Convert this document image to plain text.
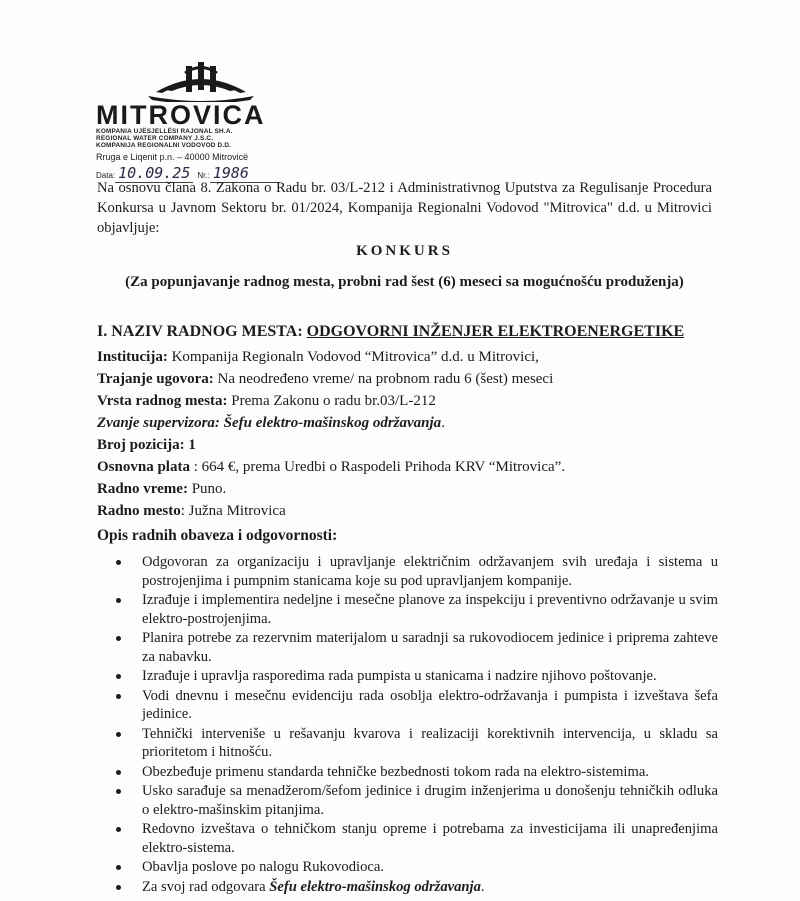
MITROVICA
KOMPANIA UJËSJELLËSI RAJONAL SH.A.
REGIONAL WATER COMPANY J.S.C.
KOMPANIJA REGIONALNI VODOVOD D.D.
Rruga e Liqenit p.n. – 40000 Mitrovicë
Data: 10.09.25 Nr.: 1986
Na osnovu člana 8. Zakona o Radu br. 03/L-212 i Administrativnog Uputstva za Regulisanje Procedura Konkursa u Javnom Sektoru br. 01/2024, Kompanija Regionalni Vodovod "Mitrovica" d.d. u Mitrovici objavljuje:
KONKURS
(Za popunjavanje radnog mesta, probni rad šest (6) meseci sa mogućnošću produženja)
I. NAZIV RADNOG MESTA: ODGOVORNI INŽENJER ELEKTROENERGETIKE
Institucija: Kompanija Regionaln Vodovod “Mitrovica” d.d. u Mitrovici,
Trajanje ugovora: Na neodređeno vreme/ na probnom radu 6 (šest) meseci
Vrsta radnog mesta: Prema Zakonu o radu br.03/L-212
Zvanje supervizora: Šefu elektro-mašinskog održavanja.
Broj pozicija: 1
Osnovna plata : 664 €, prema Uredbi o Raspodeli Prihoda KRV “Mitrovica”.
Radno vreme: Puno.
Radno mesto: Južna Mitrovica
Opis radnih obaveza i odgovornosti:
Odgovoran za organizaciju i upravljanje električnim održavanjem svih uređaja i sistema u postrojenjima i pumpnim stanicama koje su pod upravljanjem kompanije.
Izrađuje i implementira nedeljne i mesečne planove za inspekciju i preventivno održavanje u svim elektro-postrojenjima.
Planira potrebe za rezervnim materijalom u saradnji sa rukovodiocem jedinice i priprema zahteve za nabavku.
Izrađuje i upravlja rasporedima rada pumpista u stanicama i nadzire njihovo poštovanje.
Vodi dnevnu i mesečnu evidenciju rada osoblja elektro-održavanja i pumpista i izveštava šefa jedinice.
Tehnički interveniše u rešavanju kvarova i realizaciji korektivnih intervencija, u skladu sa prioritetom i hitnošću.
Obezbeđuje primenu standarda tehničke bezbednosti tokom rada na elektro-sistemima.
Usko sarađuje sa menadžerom/šefom jedinice i drugim inženjerima u donošenju tehničkih odluka o elektro-mašinskim pitanjima.
Redovno izveštava o tehničkom stanju opreme i potrebama za investicijama ili unapređenjima elektro-sistema.
Obavlja poslove po nalogu Rukovodioca.
Za svoj rad odgovara Šefu elektro-mašinskog održavanja.
